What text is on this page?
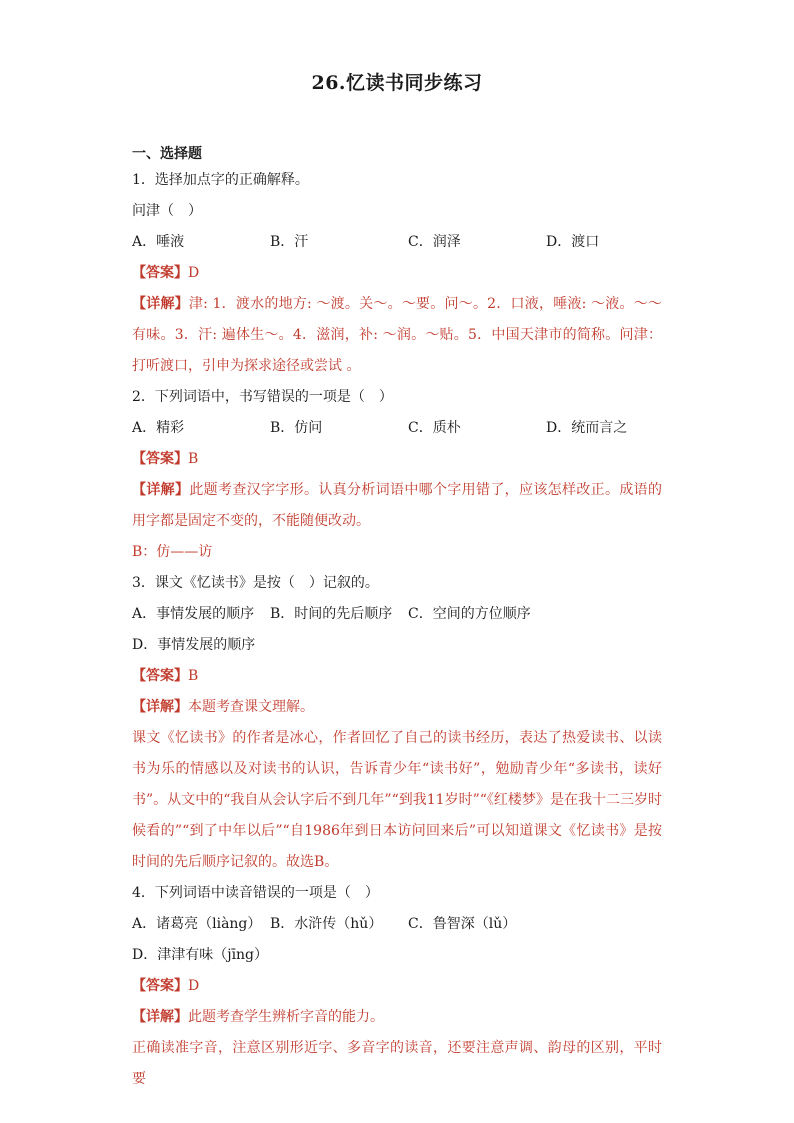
26.忆读书同步练习
一、选择题
1．选择加点字的正确解释。
问津（　）
A．唾液	B．汗	C．润泽	D．渡口
【答案】D
【详解】津: 1．渡水的地方: ～渡。关～。～要。问～。2．口液，唾液: ～液。～～有味。3．汗: 遍体生～。4．滋润，补: ～润。～贴。5．中国天津市的简称。问津：打听渡口，引申为探求途径或尝试 。
2．下列词语中，书写错误的一项是（　）
A．精彩	B．仿问	C．质朴	D．统而言之
【答案】B
【详解】此题考查汉字字形。认真分析词语中哪个字用错了，应该怎样改正。成语的用字都是固定不变的，不能随便改动。
B：仿——访
3．课文《忆读书》是按（　）记叙的。
A．事情发展的顺序	B．时间的先后顺序	C．空间的方位顺序
D．事情发展的顺序
【答案】B
【详解】本题考查课文理解。
课文《忆读书》的作者是冰心，作者回忆了自己的读书经历，表达了热爱读书、以读书为乐的情感以及对读书的认识，告诉青少年“读书好”，勉励青少年“多读书，读好书”。从文中的“我自从会认字后不到几年”“到我11岁时”“《红楼梦》是在我十二三岁时候看的”“到了中年以后”“自1986年到日本访问回来后”可以知道课文《忆读书》是按时间的先后顺序记叙的。故选B。
4．下列词语中读音错误的一项是（　）
A．诸葛亮（liàng） B．水浒传（hǔ）	C．鲁智深（lǔ）
D．津津有味（jīng）
【答案】D
【详解】此题考查学生辨析字音的能力。
正确读准字音，注意区别形近字、多音字的读音，还要注意声调、韵母的区别，平时要
